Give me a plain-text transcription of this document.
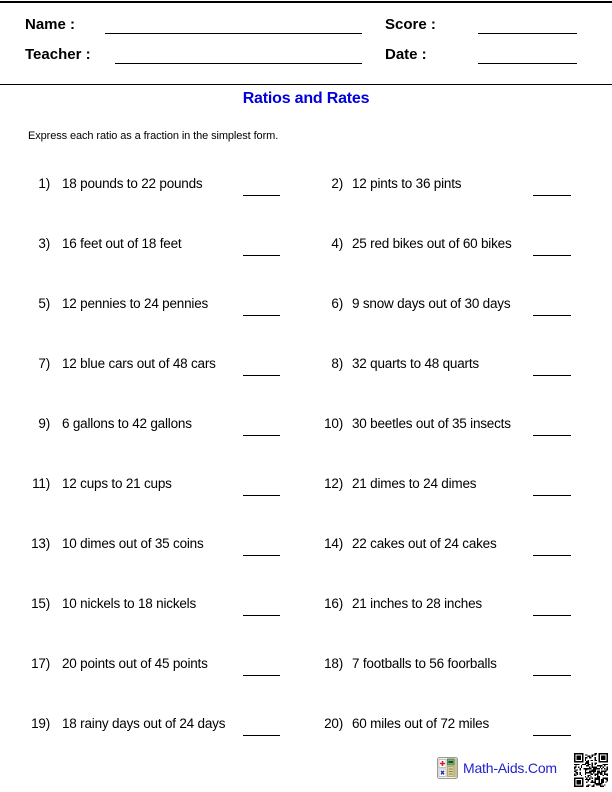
Name :	Score :
Teacher :	Date :
Ratios and Rates
Express each ratio as a fraction in the simplest form.
1) 18 pounds to 22 pounds	2) 12 pints to 36 pints
3) 16 feet out of 18 feet	4) 25 red bikes out of 60 bikes
5) 12 pennies to 24 pennies	6) 9 snow days out of 30 days
7) 12 blue cars out of 48 cars	8) 32 quarts to 48 quarts
9) 6 gallons to 42 gallons	10) 30 beetles out of 35 insects
11) 12 cups to 21 cups	12) 21 dimes to 24 dimes
13) 10 dimes out of 35 coins	14) 22 cakes out of 24 cakes
15) 10 nickels to 18 nickels	16) 21 inches to 28 inches
17) 20 points out of 45 points	18) 7 footballs to 56 foorballs
19) 18 rainy days out of 24 days	20) 60 miles out of 72 miles
Math-Aids.Com
